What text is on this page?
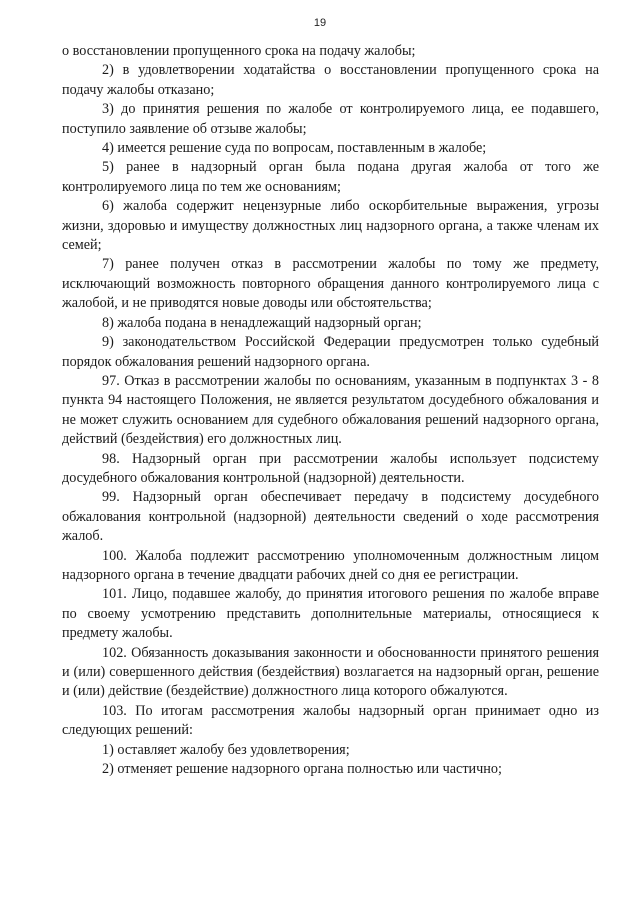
19

о восстановлении пропущенного срока на подачу жалобы;

2) в удовлетворении ходатайства о восстановлении пропущенного срока на подачу жалобы отказано;

3) до принятия решения по жалобе от контролируемого лица, ее подавшего, поступило заявление об отзыве жалобы;

4) имеется решение суда по вопросам, поставленным в жалобе;

5) ранее в надзорный орган была подана другая жалоба от того же контролируемого лица по тем же основаниям;

6) жалоба содержит нецензурные либо оскорбительные выражения, угрозы жизни, здоровью и имуществу должностных лиц надзорного органа, а также членам их семей;

7) ранее получен отказ в рассмотрении жалобы по тому же предмету, исключающий возможность повторного обращения данного контролируемого лица с жалобой, и не приводятся новые доводы или обстоятельства;

8) жалоба подана в ненадлежащий надзорный орган;

9) законодательством Российской Федерации предусмотрен только судебный порядок обжалования решений надзорного органа.

97. Отказ в рассмотрении жалобы по основаниям, указанным в подпунктах 3 - 8 пункта 94 настоящего Положения, не является результатом досудебного обжалования и не может служить основанием для судебного обжалования решений надзорного органа, действий (бездействия) его должностных лиц.

98. Надзорный орган при рассмотрении жалобы использует подсистему досудебного обжалования контрольной (надзорной) деятельности.

99. Надзорный орган обеспечивает передачу в подсистему досудебного обжалования контрольной (надзорной) деятельности сведений о ходе рассмотрения жалоб.

100. Жалоба подлежит рассмотрению уполномоченным должностным лицом надзорного органа в течение двадцати рабочих дней со дня ее регистрации.

101. Лицо, подавшее жалобу, до принятия итогового решения по жалобе вправе по своему усмотрению представить дополнительные материалы, относящиеся к предмету жалобы.

102. Обязанность доказывания законности и обоснованности принятого решения и (или) совершенного действия (бездействия) возлагается на надзорный орган, решение и (или) действие (бездействие) должностного лица которого обжалуются.

103. По итогам рассмотрения жалобы надзорный орган принимает одно из следующих решений:

1) оставляет жалобу без удовлетворения;

2) отменяет решение надзорного органа полностью или частично;
